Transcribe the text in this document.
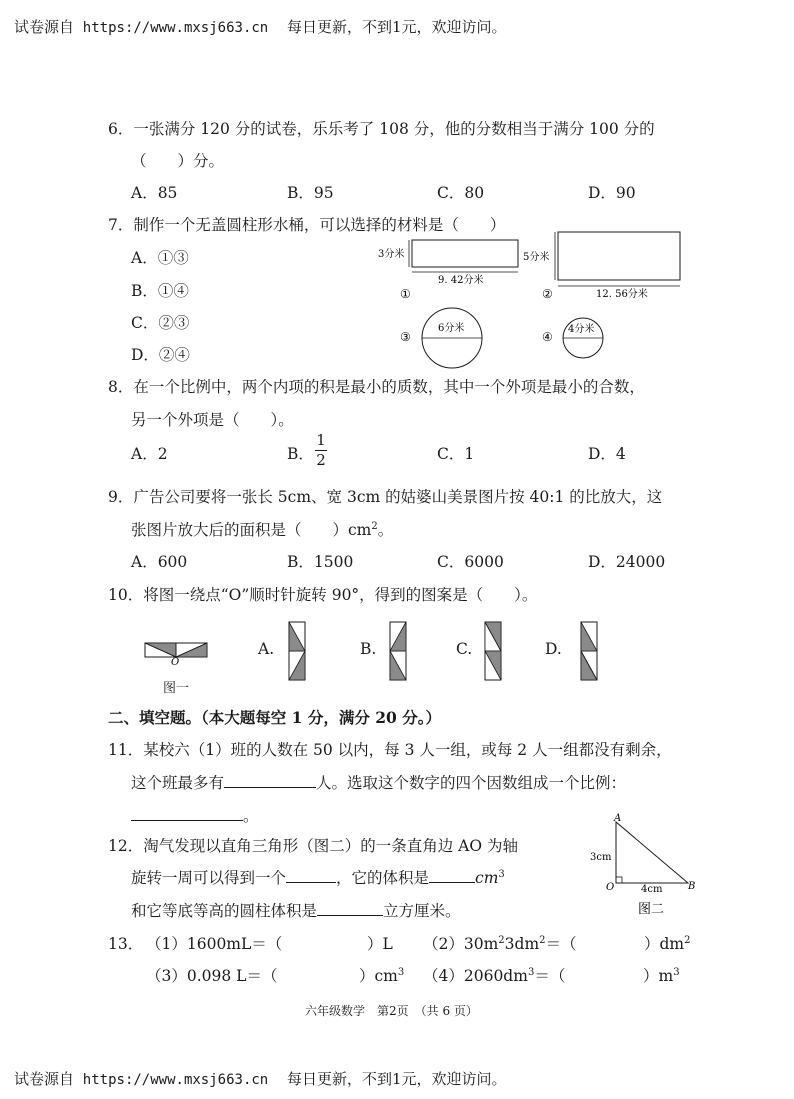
试卷源自 https://www.mxsj663.cn 每日更新，不到1元，欢迎访问。
6．一张满分 120 分的试卷，乐乐考了 108 分，他的分数相当于满分 100 分的
（　　）分。
A．85	B．95	C．80	D．90
7．制作一个无盖圆柱形水桶，可以选择的材料是（　　）
A．①③
B．①④
C．②③
D．②④
3分米
9. 42分米
①
5分米
12. 56分米
②
6分米
③
4分米
④
8．在一个比例中，两个内项的积是最小的质数，其中一个外项是最小的合数，
另一个外项是（　　）。
A．2	B．
1
2	C．1	D．4
9．广告公司要将一张长 5cm、宽 3cm 的姑婆山美景图片按 40:1 的比放大，这
张图片放大后的面积是（　　）$cm^2$。
A．600	B．1500	C．6000	D．24000
10．将图一绕点“O”顺时针旋转 90°，得到的图案是（　　）。
O
图一
A.	B.	C.	D.
二、填空题。（本大题每空 1 分，满分 20 分。）
11．某校六（1）班的人数在 50 以内，每 3 人一组，或每 2 人一组都没有剩余，
这个班最多有	人。选取这个数字的四个因数组成一个比例：
。
12．淘气发现以直角三角形（图二）的一条直角边 AO 为轴
旋转一周可以得到一个	，它的体积是	$cm^3$
和它等底等高的圆柱体积是	立方厘米。
A
O	B
3cm
4cm
图二
13． （1）1600mL＝（	）L $(2)30m^23dm^2=$（	）$dm^2$
（3）0.098 L＝（	）$cm^3$ $(4)2060dm^3=$（	）$m^3$
六年级数学　第2页　（共 6 页）
试卷源自 https://www.mxsj663.cn 每日更新，不到1元，欢迎访问。
